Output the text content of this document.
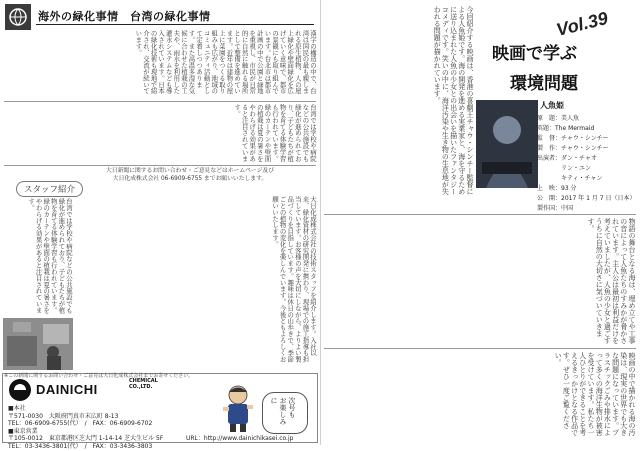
海外の緑化事情　台湾の緑化事情
漢字の構造の中で、台湾は国民の最も親しまれる原生植物、人の屋上緑化や壁面緑化を広げていく意味で、都市の景観にも取り組んでいます。台北市は都市計画の中で公園と緑地を重視し、市民が日常的に自然に触れる場所として整備を進めています。近年は建物の屋上に菜園をつくる取り組みも広がり、地域のコミュニティ活動として定着しつつあります。また高温多湿な気候に合わせた植栽の工夫や、雨水を利用した灌水システムなども導入されています。日本の緑化技術も現地で紹介され、交流が続いています。
台湾では学校や病院などの公共施設でも緑化が進められており、子どもたちが植物を育てる体験学習も行われています。緑のカーテンや壁面の植栽は夏の暑さをやわらげる効果があると注目されています。
大日新聞に関するお問い合わせ・ご意見などはホームページ及び
大日化成株式会社 06-6909-6755 までお願いいたします。
スタッフ紹介
大日化成株式会社の技術スタッフを紹介します。入社以来、緑化資材の研究開発に携わり、現場での施工指導も担当しています。お客様の声を大切にしながら、よりよい製品づくりを目指しています。趣味は休日の山歩きで、季節ごとの植物の変化を楽しんでいます。今後ともよろしくお願いいたします。
台湾では学校や病院などの公共施設でも緑化が進められており、子どもたちが植物を育てる体験学習も行われています。緑のカーテンや壁面の植栽は夏の暑さをやわらげる効果があると注目されています。
※この新聞に関するお問い合わせ・ご意見は大日化成株式会社までお寄せください。
DAINICHI
CHEMICAL
CO.,LTD.
■本社
〒571-0030　大阪府門真市末広町 8-13
TEL：06-6909-6755(代）　/　FAX：06-6909-6702
■東京営業
〒105-0012　東京都港区芝大門 1-14-14 芝大生ビル 5F
TEL：03-3436-3801(代）　/　FAX：03-3436-3803
次号も
お楽しみに
URL：http://www.dainichikasei.co.jp
今回紹介する映画は、香港の喜劇王チャウ・シンチー監督による人魚姫です。海の開発を進める実業家と、海を守るために送り込まれた人魚の少女との出会いを描いたファンタジーコメディです。笑いの中に、海洋汚染や生き物の生息地が失われる問題が描かれています。	Vol.39
映画で学ぶ
環境問題
人魚姫
原　題：美人魚
英題：The Mermaid
監　督：チャウ・シンチー
製　作：チャウ・シンチー
出演者：ダン・チャオ
　　　　リン・ユン
　　　　キティ・チャン
上　映：93 分
公　開：2017 年 1 月 7 日（日本）
製作国：中国
物語の舞台となる海は、埋め立てや工事の音によって人魚たちのすみかが脅かされています。主人公は最初は利益だけを考えていましたが、人魚の少女と過ごすうちに自然の大切さに気づいていきます。
映画の中で描かれる海の汚染は、現実の世界でも大きな問題になっています。プラスチックごみや排水によって多くの海洋生物が被害を受けています。私たち一人ひとりができることを考えるきっかけとなる作品です。ぜひ一度ご覧ください。
